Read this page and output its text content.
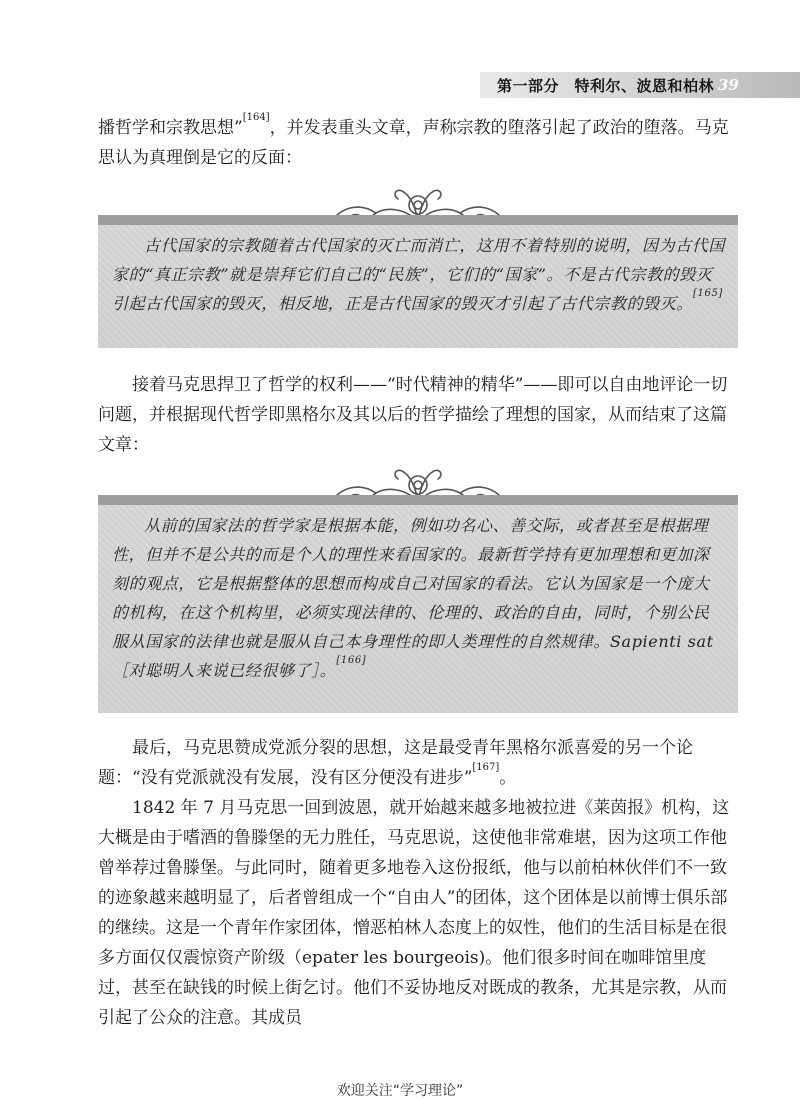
第一部分　特利尔、波恩和柏林 39

播哲学和宗教思想”[164]，并发表重头文章，声称宗教的堕落引起了政治的堕落。马克思认为真理倒是它的反面：

古代国家的宗教随着古代国家的灭亡而消亡，这用不着特别的说明，因为古代国家的“真正宗教”就是崇拜它们自己的“民族”，它们的“国家”。不是古代宗教的毁灭引起古代国家的毁灭，相反地，正是古代国家的毁灭才引起了古代宗教的毁灭。[165]

接着马克思捍卫了哲学的权利——“时代精神的精华”——即可以自由地评论一切问题，并根据现代哲学即黑格尔及其以后的哲学描绘了理想的国家，从而结束了这篇文章：

从前的国家法的哲学家是根据本能，例如功名心、善交际，或者甚至是根据理性，但并不是公共的而是个人的理性来看国家的。最新哲学持有更加理想和更加深刻的观点，它是根据整体的思想而构成自己对国家的看法。它认为国家是一个庞大的机构，在这个机构里，必须实现法律的、伦理的、政治的自由，同时，个别公民服从国家的法律也就是服从自己本身理性的即人类理性的自然规律。Sapienti sat［对聪明人来说已经很够了］。[166]

最后，马克思赞成党派分裂的思想，这是最受青年黑格尔派喜爱的另一个论题：“没有党派就没有发展，没有区分便没有进步”[167]。

1842 年 7 月马克思一回到波恩，就开始越来越多地被拉进《莱茵报》机构，这大概是由于嗜酒的鲁滕堡的无力胜任，马克思说，这使他非常难堪，因为这项工作他曾举荐过鲁滕堡。与此同时，随着更多地卷入这份报纸，他与以前柏林伙伴们不一致的迹象越来越明显了，后者曾组成一个“自由人”的团体，这个团体是以前博士俱乐部的继续。这是一个青年作家团体，憎恶柏林人态度上的奴性，他们的生活目标是在很多方面仅仅震惊资产阶级（epater les bourgeois)。他们很多时间在咖啡馆里度过，甚至在缺钱的时候上街乞讨。他们不妥协地反对既成的教条，尤其是宗教，从而引起了公众的注意。其成员

欢迎关注“学习理论”
